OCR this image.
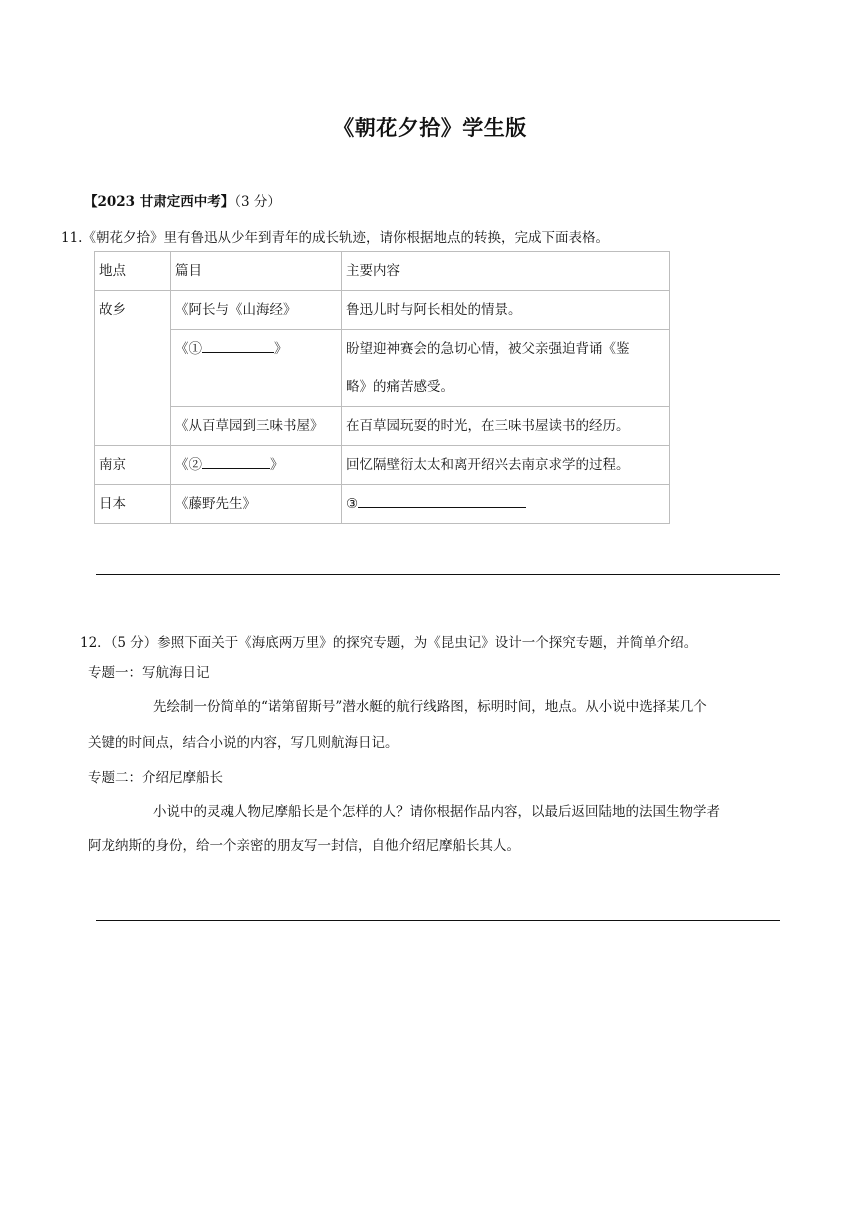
《朝花夕拾》学生版
【2023 甘肃定西中考】（3 分）
11.《朝花夕拾》里有鲁迅从少年到青年的成长轨迹，请你根据地点的转换，完成下面表格。
地点	篇目	主要内容
故乡	《阿长与《山海经》	鲁迅儿时与阿长相处的情景。
	《① 》	盼望迎神赛会的急切心情，被父亲强迫背诵《鉴
略》的痛苦感受。

	《从百草园到三味书屋》	在百草园玩耍的时光，在三味书屋读书的经历。
南京	《② 》	回忆隔壁衍太太和离开绍兴去南京求学的过程。
日本	《藤野先生》	③
12．（5 分）参照下面关于《海底两万里》的探究专题，为《昆虫记》设计一个探究专题，并简单介绍。
专题一：写航海日记
先绘制一份简单的“诺第留斯号”潜水艇的航行线路图，标明时间，地点。从小说中选择某几个
关键的时间点，结合小说的内容，写几则航海日记。
专题二：介绍尼摩船长
小说中的灵魂人物尼摩船长是个怎样的人？请你根据作品内容，以最后返回陆地的法国生物学者
阿龙纳斯的身份，给一个亲密的朋友写一封信，自他介绍尼摩船长其人。
